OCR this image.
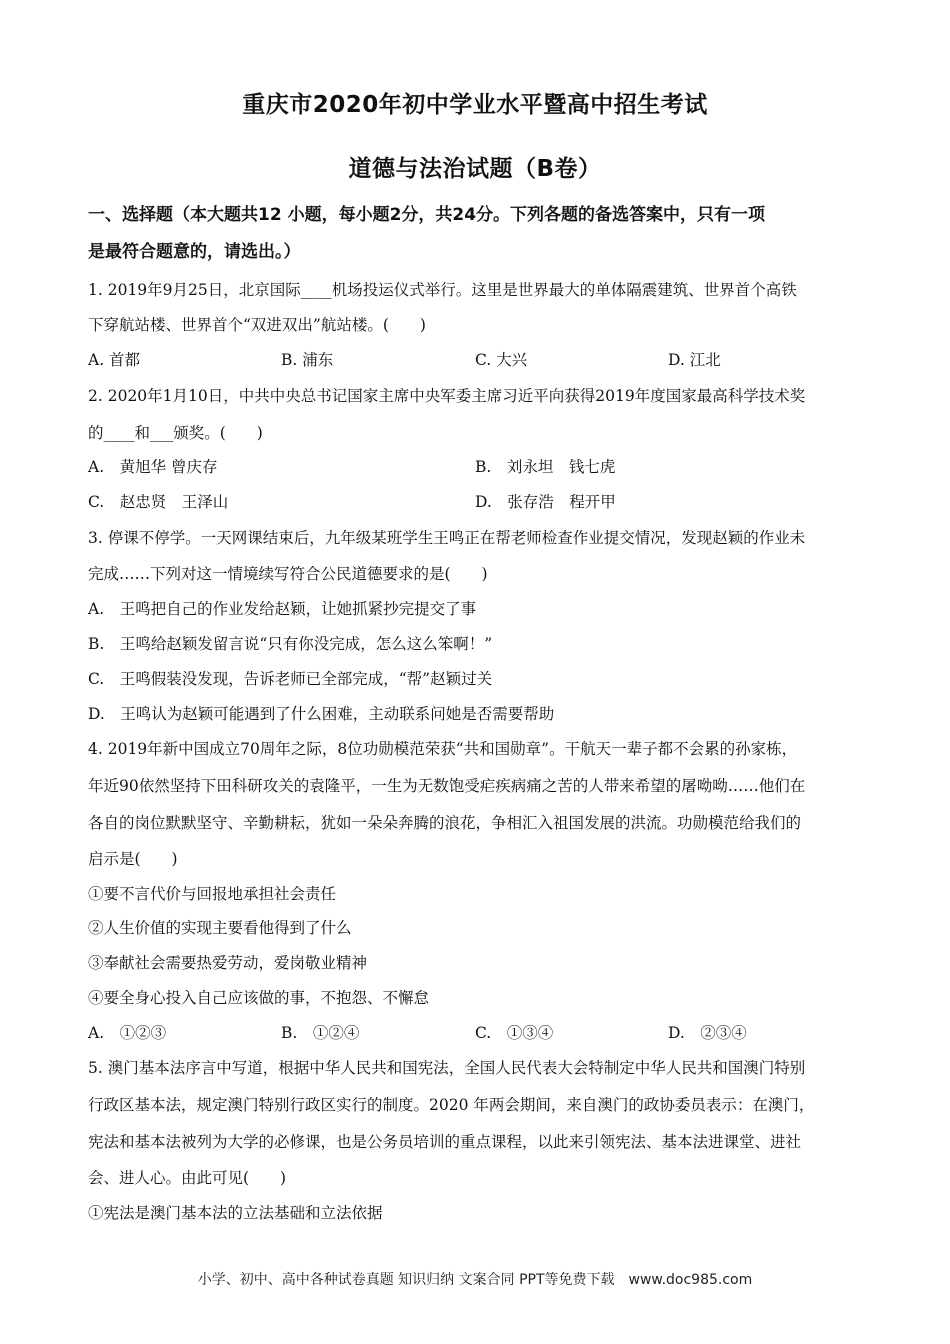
重庆市2020年初中学业水平暨高中招生考试
道德与法治试题（B卷）
一、选择题（本大题共12 小题，每小题2分，共24分。下列各题的备选答案中，只有一项
是最符合题意的，请选出。）
1. 2019年9月25日，北京国际____机场投运仪式举行。这里是世界最大的单体隔震建筑、世界首个高铁
下穿航站楼、世界首个“双进双出”航站楼。(　　)
A. 首都	B. 浦东	C. 大兴	D. 江北
2. 2020年1月10日，中共中央总书记国家主席中央军委主席习近平向获得2019年度国家最高科学技术奖
的____和___颁奖。(　　)
A.　黄旭华 曾庆存	B.　刘永坦　钱七虎
C.　赵忠贤　王泽山	D.　张存浩　程开甲
3. 停课不停学。一天网课结束后，九年级某班学生王鸣正在帮老师检查作业提交情况，发现赵颖的作业未
完成……下列对这一情境续写符合公民道德要求的是(　　)
A.　王鸣把自己的作业发给赵颖，让她抓紧抄完提交了事
B.　王鸣给赵颖发留言说“只有你没完成，怎么这么笨啊！”
C.　王鸣假装没发现，告诉老师已全部完成，“帮”赵颖过关
D.　王鸣认为赵颖可能遇到了什么困难，主动联系问她是否需要帮助
4. 2019年新中国成立70周年之际，8位功勋模范荣获“共和国勋章”。干航天一辈子都不会累的孙家栋，
年近90依然坚持下田科研攻关的袁隆平，一生为无数饱受疟疾病痛之苦的人带来希望的屠呦呦……他们在
各自的岗位默默坚守、辛勤耕耘，犹如一朵朵奔腾的浪花，争相汇入祖国发展的洪流。功勋模范给我们的
启示是(　　)
①要不言代价与回报地承担社会责任
②人生价值的实现主要看他得到了什么
③奉献社会需要热爱劳动，爱岗敬业精神
④要全身心投入自己应该做的事，不抱怨、不懈怠
A.　①②③	B.　①②④	C.　①③④	D.　②③④
5. 澳门基本法序言中写道，根据中华人民共和国宪法，全国人民代表大会特制定中华人民共和国澳门特别
行政区基本法，规定澳门特别行政区实行的制度。2020 年两会期间，来自澳门的政协委员表示：在澳门，
宪法和基本法被列为大学的必修课，也是公务员培训的重点课程，以此来引领宪法、基本法进课堂、进社
会、进人心。由此可见(　　)
①宪法是澳门基本法的立法基础和立法依据
小学、初中、高中各种试卷真题 知识归纳 文案合同 PPT等免费下载　www.doc985.com
